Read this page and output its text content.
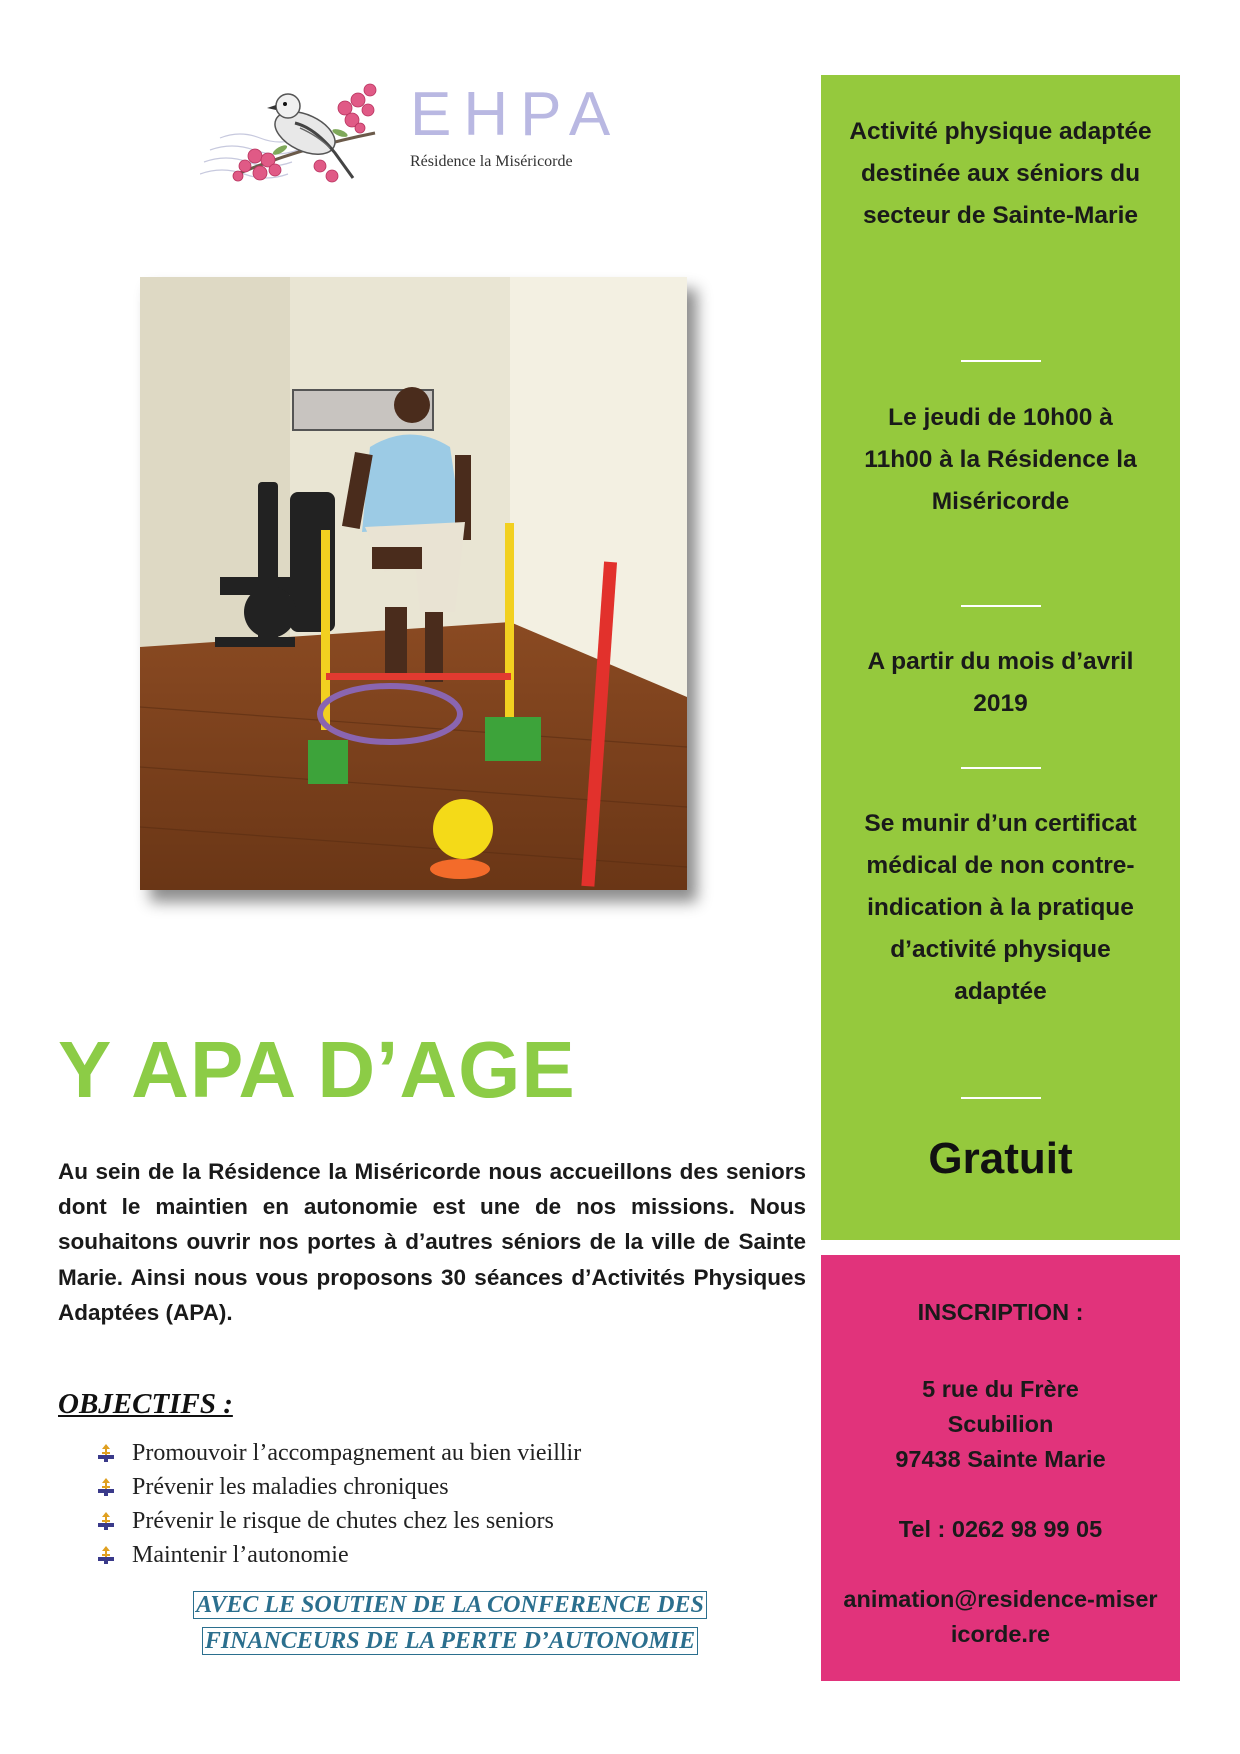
EHPA
Résidence la Miséricorde
Y APA D’AGE

Au sein de la Résidence la Miséricorde nous accueillons des seniors dont le maintien en autonomie est une de nos missions. Nous souhaitons ouvrir nos portes à d’autres séniors de la ville de Sainte Marie. Ainsi nous vous proposons 30 séances d’Activités Physiques Adaptées (APA).

OBJECTIFS :
Promouvoir l’accompagnement au bien vieillir
Prévenir les maladies chroniques
Prévenir le risque de chutes chez les seniors
Maintenir l’autonomie

AVEC LE SOUTIEN DE LA CONFERENCE DES
FINANCEURS DE LA PERTE D’AUTONOMIE

Activité physique adaptée destinée aux séniors du secteur de Sainte-Marie

Le jeudi de 10h00 à 11h00 à la Résidence la Miséricorde

A partir du mois d’avril 2019

Se munir d’un certificat médical de non contre-indication à la pratique d’activité physique adaptée

Gratuit

INSCRIPTION :

5 rue du Frère Scubilion

97438 Sainte Marie

Tel : 0262 98 99 05

animation@residence-misericorde.re
